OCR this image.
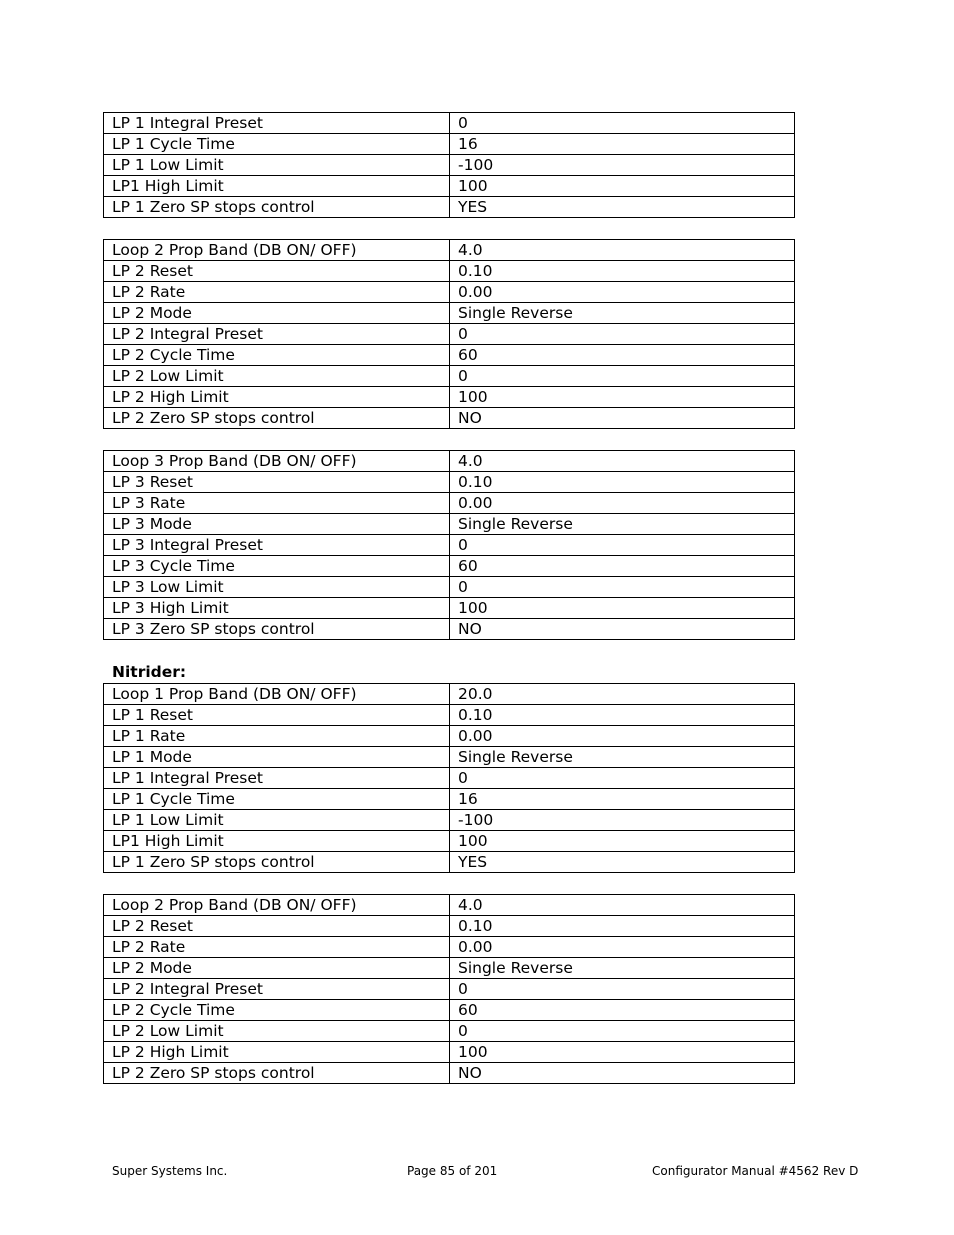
LP 1 Integral Preset	0
LP 1 Cycle Time	16
LP 1 Low Limit	-100
LP1 High Limit	100
LP 1 Zero SP stops control	YES
Loop 2 Prop Band (DB ON/ OFF)	4.0
LP 2 Reset	0.10
LP 2 Rate	0.00
LP 2 Mode	Single Reverse
LP 2 Integral Preset	0
LP 2 Cycle Time	60
LP 2 Low Limit	0
LP 2 High Limit	100
LP 2 Zero SP stops control	NO
Loop 3 Prop Band (DB ON/ OFF)	4.0
LP 3 Reset	0.10
LP 3 Rate	0.00
LP 3 Mode	Single Reverse
LP 3 Integral Preset	0
LP 3 Cycle Time	60
LP 3 Low Limit	0
LP 3 High Limit	100
LP 3 Zero SP stops control	NO
Nitrider:
Loop 1 Prop Band (DB ON/ OFF)	20.0
LP 1 Reset	0.10
LP 1 Rate	0.00
LP 1 Mode	Single Reverse
LP 1 Integral Preset	0
LP 1 Cycle Time	16
LP 1 Low Limit	-100
LP1 High Limit	100
LP 1 Zero SP stops control	YES
Loop 2 Prop Band (DB ON/ OFF)	4.0
LP 2 Reset	0.10
LP 2 Rate	0.00
LP 2 Mode	Single Reverse
LP 2 Integral Preset	0
LP 2 Cycle Time	60
LP 2 Low Limit	0
LP 2 High Limit	100
LP 2 Zero SP stops control	NO
Super Systems Inc.	Page 85 of 201	Configurator Manual #4562 Rev D
